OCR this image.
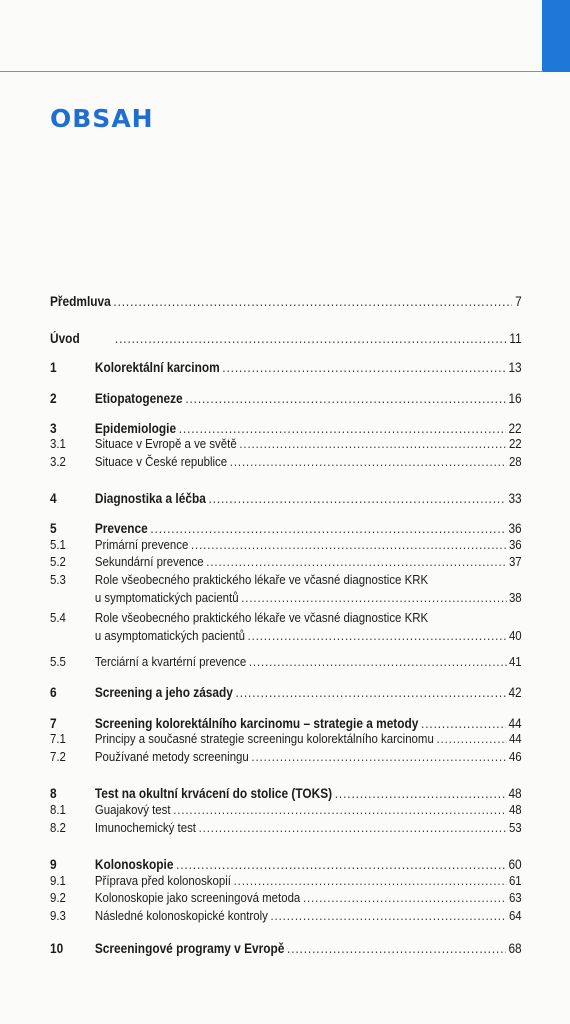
OBSAH
Předmluva .....	7
Úvod .....	11
1	Kolorektální karcinom .....	13
2	Etiopatogeneze .....	16
3	Epidemiologie .....	22
3.1	Situace v Evropě a ve světě .....	22
3.2	Situace v České republice .....	28
4	Diagnostika a léčba .....	33
5	Prevence .....	36
5.1	Primární prevence .....	36
5.2	Sekundární prevence .....	37
5.3	Role všeobecného praktického lékaře ve včasné diagnostice KRK
u symptomatických pacientů .....	38
5.4	Role všeobecného praktického lékaře ve včasné diagnostice KRK
u asymptomatických pacientů .....	40
5.5	Terciární a kvartérní prevence .....	41
6	Screening a jeho zásady .....	42
7	Screening kolorektálního karcinomu – strategie a metody .....	44
7.1	Principy a současné strategie screeningu kolorektálního karcinomu .....	44
7.2	Používané metody screeningu .....	46
8	Test na okultní krvácení do stolice (TOKS) .....	48
8.1	Guajakový test .....	48
8.2	Imunochemický test .....	53
9	Kolonoskopie .....	60
9.1	Příprava před kolonoskopií .....	61
9.2	Kolonoskopie jako screeningová metoda .....	63
9.3	Následné kolonoskopické kontroly .....	64
10	Screeningové programy v Evropě .....	68
